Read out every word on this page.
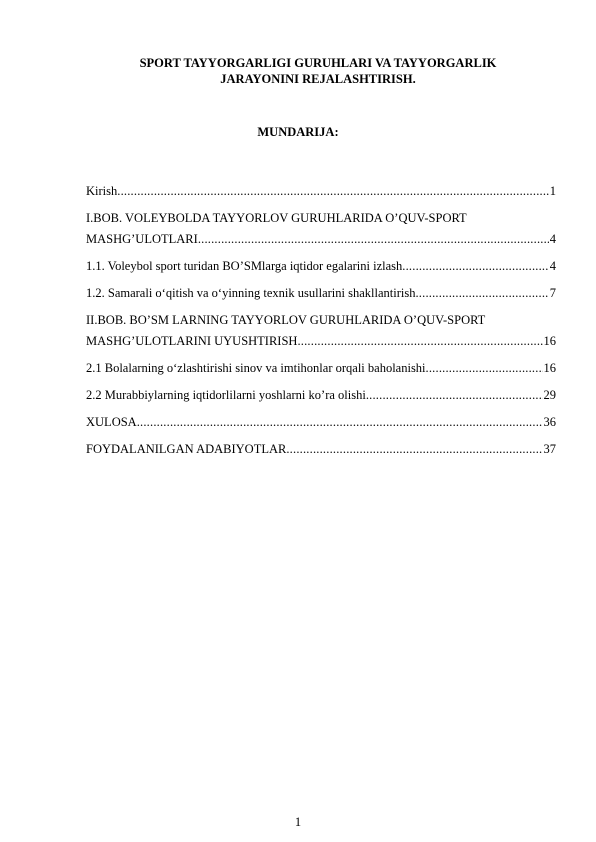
SPORT TAYYORGARLIGI GURUHLARI VA TAYYORGARLIK
JARAYONINI REJALASHTIRISH.
MUNDARIJA:
Kirish .....	1
I.BOB. VOLEYBOLDA TAYYORLOV GURUHLARIDA O’QUV-SPORT
MASHG’ULOTLARI .....	4
1.1. Voleybol sport turidan BO’SMlarga iqtidor egalarini izlash .....	4
1.2. Samarali o‘qitish va o‘yinning texnik usullarini shakllantirish .....	7
II.BOB. BO’SM LARNING TAYYORLOV GURUHLARIDA O’QUV-SPORT
MASHG’ULOTLARINI UYUSHTIRISH .....	16
2.1 Bolalarning o‘zlashtirishi sinov va imtihonlar orqali baholanishi .....	16
2.2 Murabbiylarning iqtidorlilarni yoshlarni ko’ra olishi .....	29
XULOSA .....	36
FOYDALANILGAN ADABIYOTLAR .....	37
1
